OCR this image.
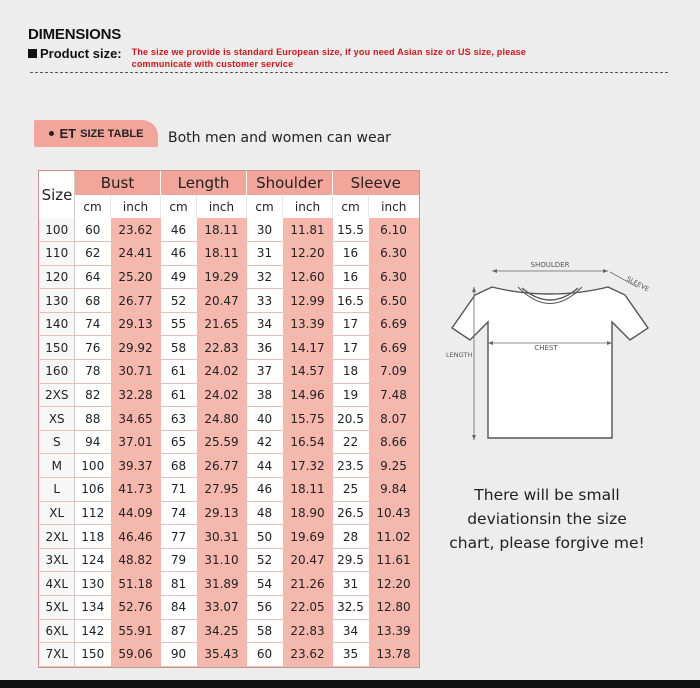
DIMENSIONS
Product size: The size we provide is standard European size, if you need Asian size or US size, please
communicate with customer service
ET SIZE TABLE Both men and women can wear
Size	Bust		Length		Shoulder		Sleeve	
	cm	inch	cm	inch	cm	inch	cm	inch
100	60	23.62	46	18.11	30	11.81	15.5	6.10
110	62	24.41	46	18.11	31	12.20	16	6.30
120	64	25.20	49	19.29	32	12.60	16	6.30
130	68	26.77	52	20.47	33	12.99	16.5	6.50
140	74	29.13	55	21.65	34	13.39	17	6.69
150	76	29.92	58	22.83	36	14.17	17	6.69
160	78	30.71	61	24.02	37	14.57	18	7.09
2XS	82	32.28	61	24.02	38	14.96	19	7.48
XS	88	34.65	63	24.80	40	15.75	20.5	8.07
S	94	37.01	65	25.59	42	16.54	22	8.66
M	100	39.37	68	26.77	44	17.32	23.5	9.25
L	106	41.73	71	27.95	46	18.11	25	9.84
XL	112	44.09	74	29.13	48	18.90	26.5	10.43
2XL	118	46.46	77	30.31	50	19.69	28	11.02
3XL	124	48.82	79	31.10	52	20.47	29.5	11.61
4XL	130	51.18	81	31.89	54	21.26	31	12.20
5XL	134	52.76	84	33.07	56	22.05	32.5	12.80
6XL	142	55.91	87	34.25	58	22.83	34	13.39
7XL	150	59.06	90	35.43	60	23.62	35	13.78
SHOULDER
SLEEVE
CHEST
LENGTH
There will be small
deviationsin the size
chart, please forgive me!
